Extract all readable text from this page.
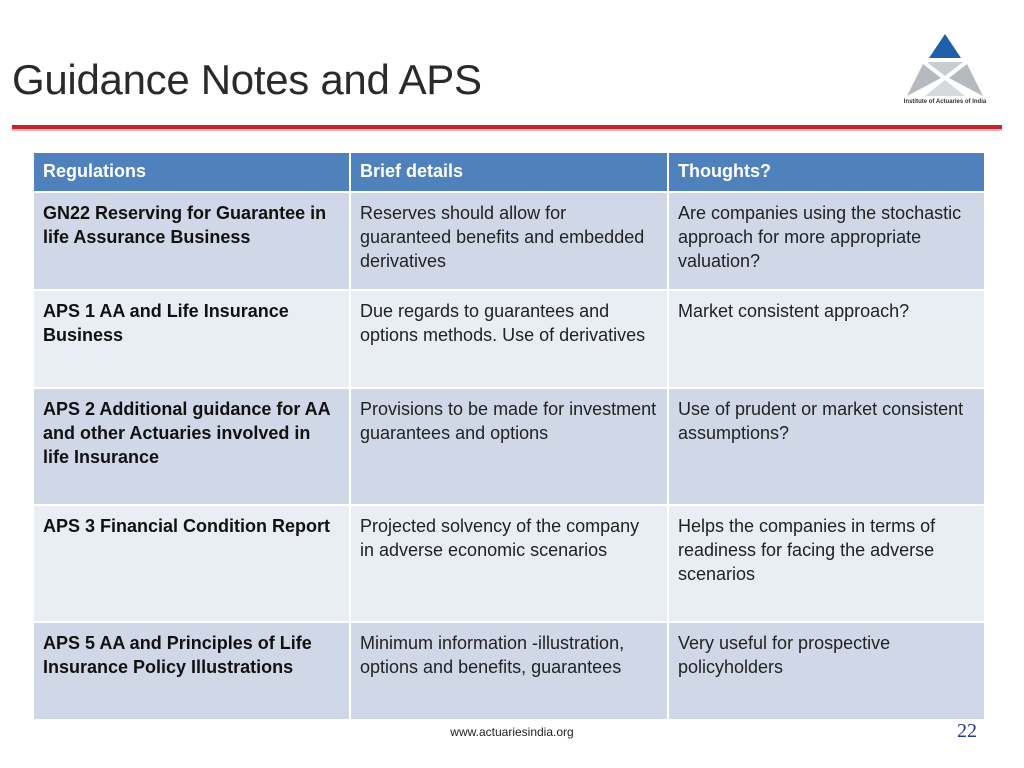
Guidance Notes and APS	Institute of Actuaries of India
Regulations	Brief details	Thoughts?
GN22 Reserving for Guarantee in life Assurance Business	Reserves should allow for guaranteed benefits and embedded derivatives	Are companies using the stochastic approach for more appropriate valuation?
APS 1 AA and Life Insurance Business	Due regards to guarantees and options methods. Use of derivatives	Market consistent approach?
APS 2 Additional guidance for AA and other Actuaries involved in life Insurance	Provisions to be made for investment guarantees and options	Use of prudent or market consistent assumptions?
APS 3 Financial Condition Report	Projected solvency of the company in adverse economic scenarios	Helps the companies in terms of readiness for facing the adverse scenarios
APS 5 AA and Principles of Life Insurance Policy Illustrations	Minimum information -illustration, options and benefits, guarantees	Very useful for prospective policyholders
www.actuariesindia.org	22
